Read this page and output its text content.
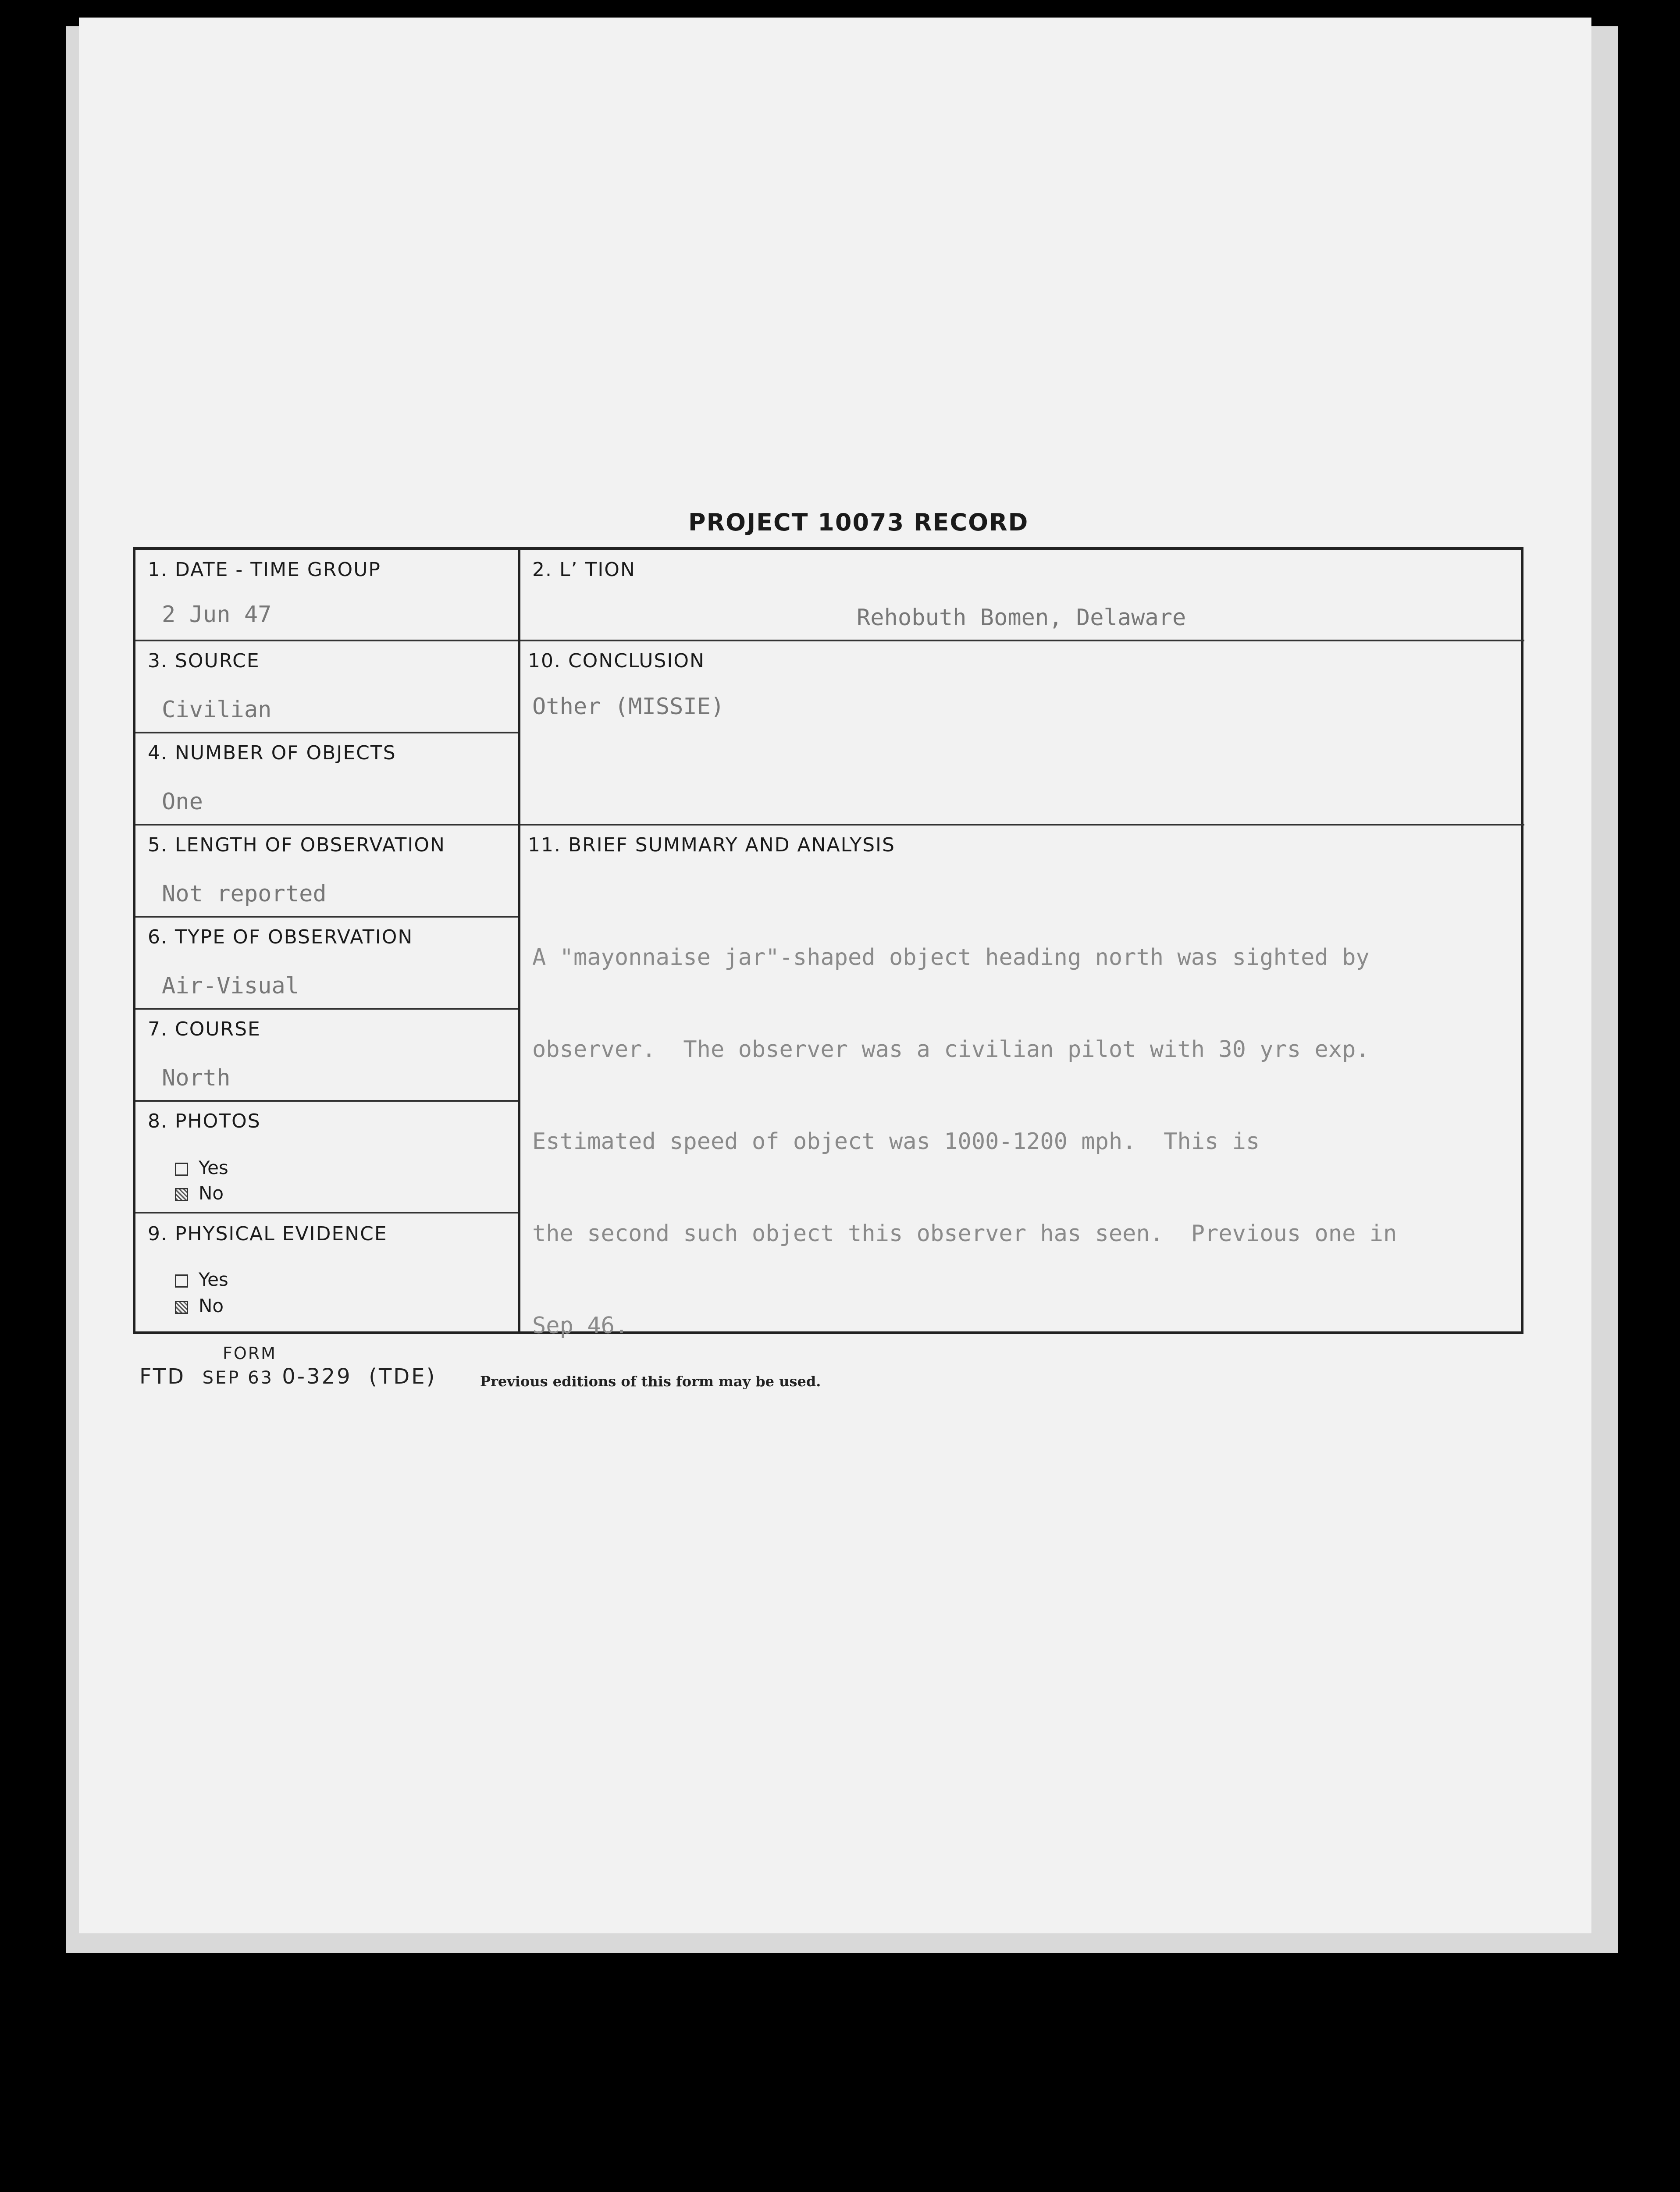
PROJECT 10073 RECORD
1. DATE - TIME GROUP
2 Jun 47
2. L’ TION
Rehobuth Bomen, Delaware
3. SOURCE
Civilian
10. CONCLUSION
Other (MISSIE)
4. NUMBER OF OBJECTS
One
5. LENGTH OF OBSERVATION
Not reported
11. BRIEF SUMMARY AND ANALYSIS

A "mayonnaise jar"-shaped object heading north was sighted by

observer.  The observer was a civilian pilot with 30 yrs exp.

Estimated speed of object was 1000-1200 mph.  This is

the second such object this observer has seen.  Previous one in

Sep 46.

6. TYPE OF OBSERVATION
Air-Visual
7. COURSE
North
8. PHOTOS
Yes
No
9. PHYSICAL EVIDENCE
Yes
No
FORM
FTD SEP 63 0-329 (TDE)	Previous editions of this form may be used.
